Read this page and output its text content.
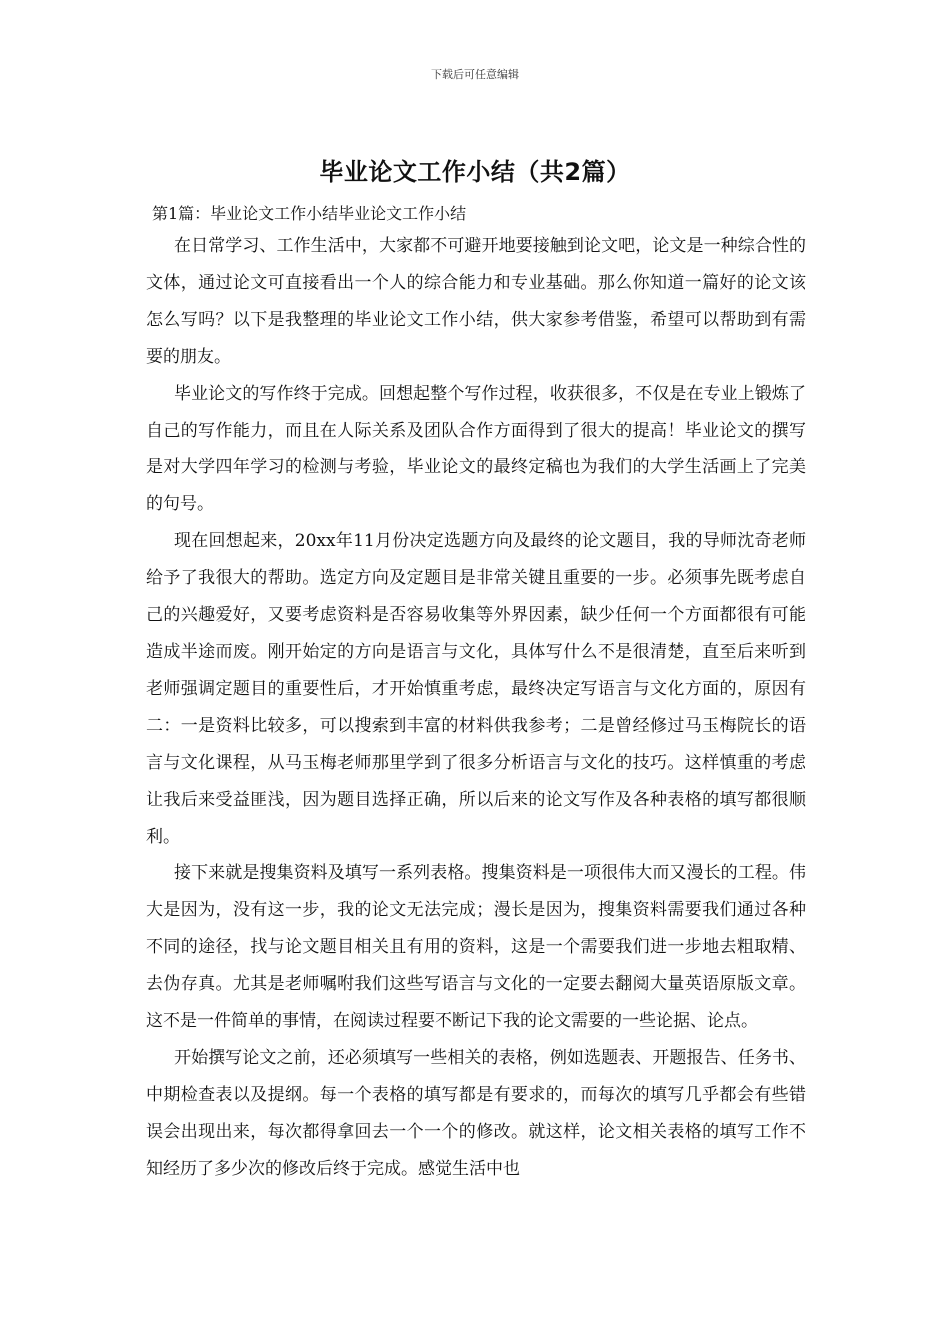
下载后可任意编辑
毕业论文工作小结（共2篇）

第1篇：毕业论文工作小结毕业论文工作小结

在日常学习、工作生活中，大家都不可避开地要接触到论文吧，论文是一种综合性的文体，通过论文可直接看出一个人的综合能力和专业基础。那么你知道一篇好的论文该怎么写吗？以下是我整理的毕业论文工作小结，供大家参考借鉴，希望可以帮助到有需要的朋友。

毕业论文的写作终于完成。回想起整个写作过程，收获很多，不仅是在专业上锻炼了自己的写作能力，而且在人际关系及团队合作方面得到了很大的提高！毕业论文的撰写是对大学四年学习的检测与考验，毕业论文的最终定稿也为我们的大学生活画上了完美的句号。

现在回想起来，20xx年11月份决定选题方向及最终的论文题目，我的导师沈奇老师给予了我很大的帮助。选定方向及定题目是非常关键且重要的一步。必须事先既考虑自己的兴趣爱好，又要考虑资料是否容易收集等外界因素，缺少任何一个方面都很有可能造成半途而废。刚开始定的方向是语言与文化，具体写什么不是很清楚，直至后来听到老师强调定题目的重要性后，才开始慎重考虑，最终决定写语言与文化方面的，原因有二：一是资料比较多，可以搜索到丰富的材料供我参考；二是曾经修过马玉梅院长的语言与文化课程，从马玉梅老师那里学到了很多分析语言与文化的技巧。这样慎重的考虑让我后来受益匪浅，因为题目选择正确，所以后来的论文写作及各种表格的填写都很顺利。

接下来就是搜集资料及填写一系列表格。搜集资料是一项很伟大而又漫长的工程。伟大是因为，没有这一步，我的论文无法完成；漫长是因为，搜集资料需要我们通过各种不同的途径，找与论文题目相关且有用的资料，这是一个需要我们进一步地去粗取精、去伪存真。尤其是老师嘱咐我们这些写语言与文化的一定要去翻阅大量英语原版文章。这不是一件简单的事情，在阅读过程要不断记下我的论文需要的一些论据、论点。

开始撰写论文之前，还必须填写一些相关的表格，例如选题表、开题报告、任务书、中期检查表以及提纲。每一个表格的填写都是有要求的，而每次的填写几乎都会有些错误会出现出来，每次都得拿回去一个一个的修改。就这样，论文相关表格的填写工作不知经历了多少次的修改后终于完成。感觉生活中也
